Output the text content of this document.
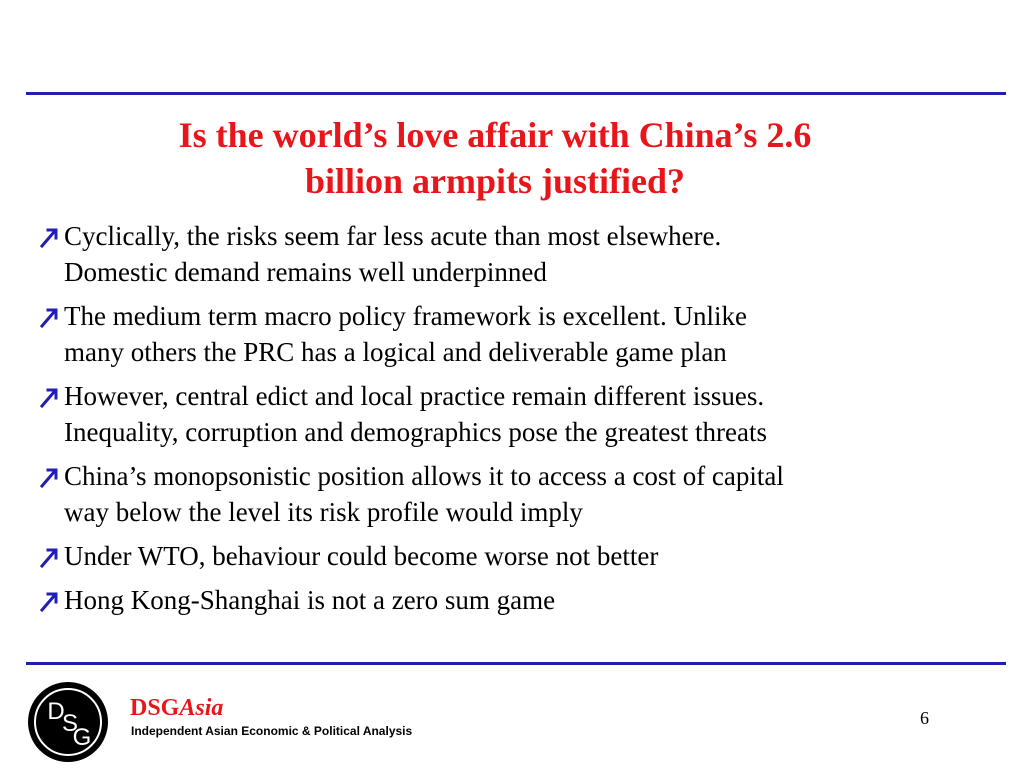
Is the world’s love affair with China’s 2.6
billion armpits justified?
Cyclically, the risks seem far less acute than most elsewhere.
Domestic demand remains well underpinned
The medium term macro policy framework is excellent. Unlike
many others the PRC has a logical and deliverable game plan
However, central edict and local practice remain different issues.
Inequality, corruption and demographics pose the greatest threats
China’s monopsonistic position allows it to access a cost of capital
way below the level its risk profile would imply
Under WTO, behaviour could become worse not better
Hong Kong-Shanghai is not a zero sum game
D
S
G
DSGAsia
Independent Asian Economic & Political Analysis
6
